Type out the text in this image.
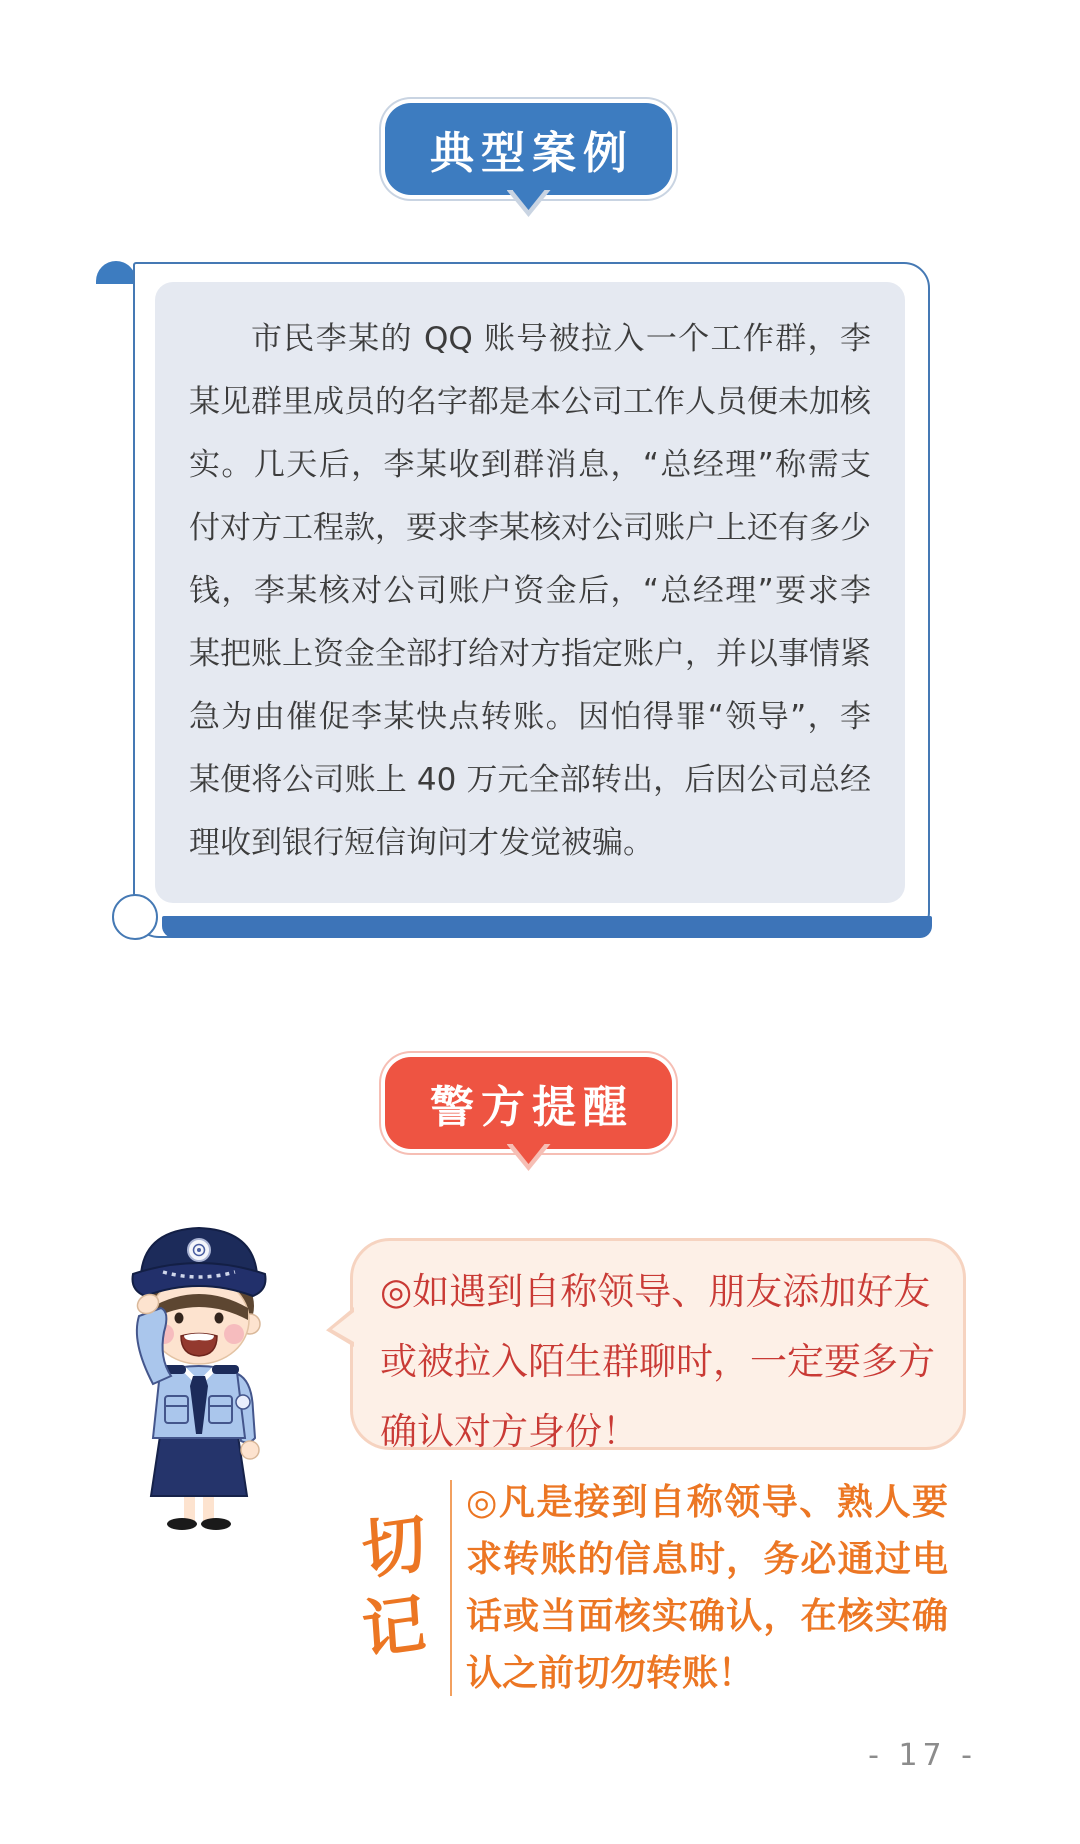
典型案例

市民李某的 QQ 账号被拉入一个工作群，李某见群里成员的名字都是本公司工作人员便未加核实。几天后，李某收到群消息，“总经理”称需支付对方工程款，要求李某核对公司账户上还有多少钱，李某核对公司账户资金后，“总经理”要求李某把账上资金全部打给对方指定账户，并以事情紧急为由催促李某快点转账。因怕得罪“领导”，李某便将公司账上 40 万元全部转出，后因公司总经理收到银行短信询问才发觉被骗。

警方提醒

◎如遇到自称领导、朋友添加好友或被拉入陌生群聊时，一定要多方确认对方身份！

切
记

◎凡是接到自称领导、熟人要求转账的信息时，务必通过电话或当面核实确认，在核实确认之前切勿转账！

- 17 -
